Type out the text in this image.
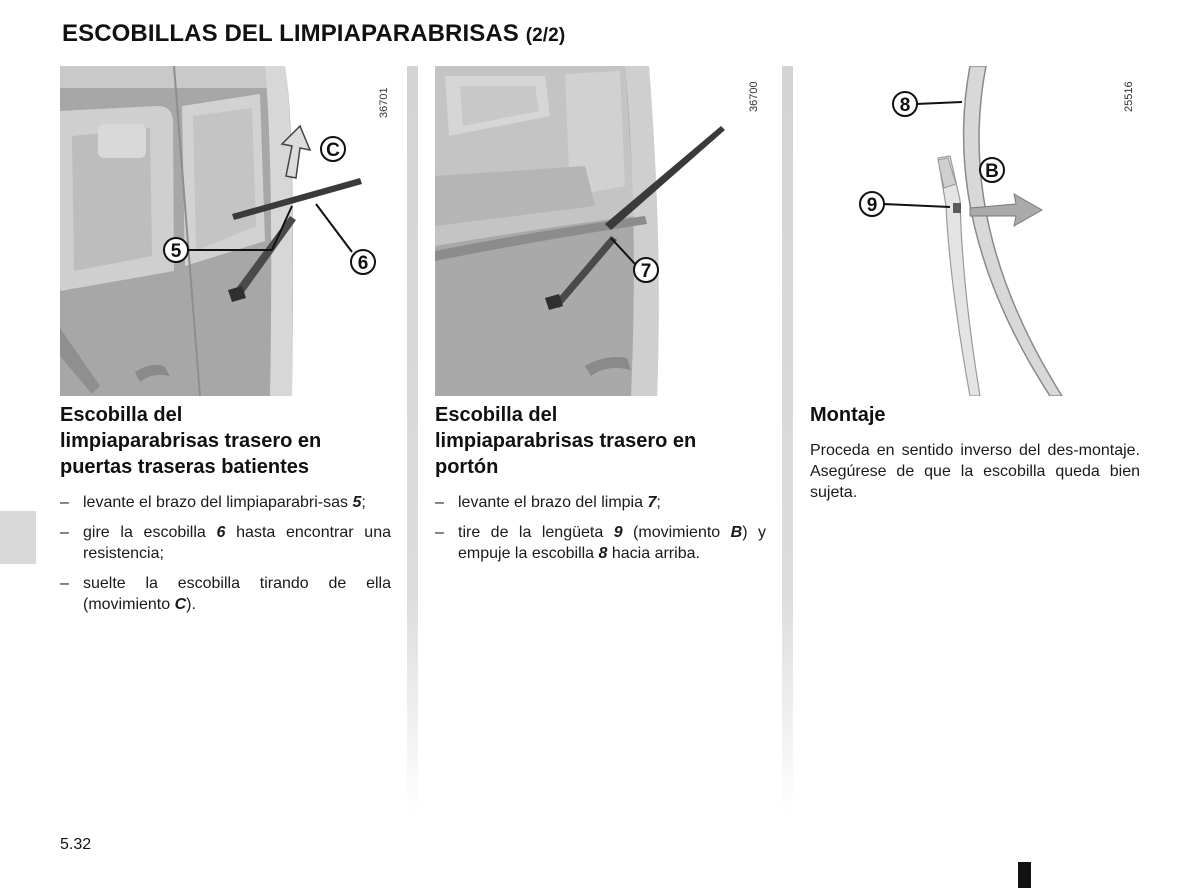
ESCOBILLAS DEL LIMPIAPARABRISAS (2/2)
5
6
C
36701
7
36700	8
9
B
25516
Escobilla del
limpiaparabrisas trasero en
puertas traseras batientes
– levante el brazo del limpiaparabri-sas 5;
– gire la escobilla 6 hasta encontrar una resistencia;
– suelte la escobilla tirando de ella (movimiento C).
Escobilla del
limpiaparabrisas trasero en
portón
– levante el brazo del limpia 7;
– tire de la lengüeta 9 (movimiento B) y empuje la escobilla 8 hacia arriba.
Montaje

Proceda en sentido inverso del des-montaje. Asegúrese de que la escobilla queda bien sujeta.

5.32
